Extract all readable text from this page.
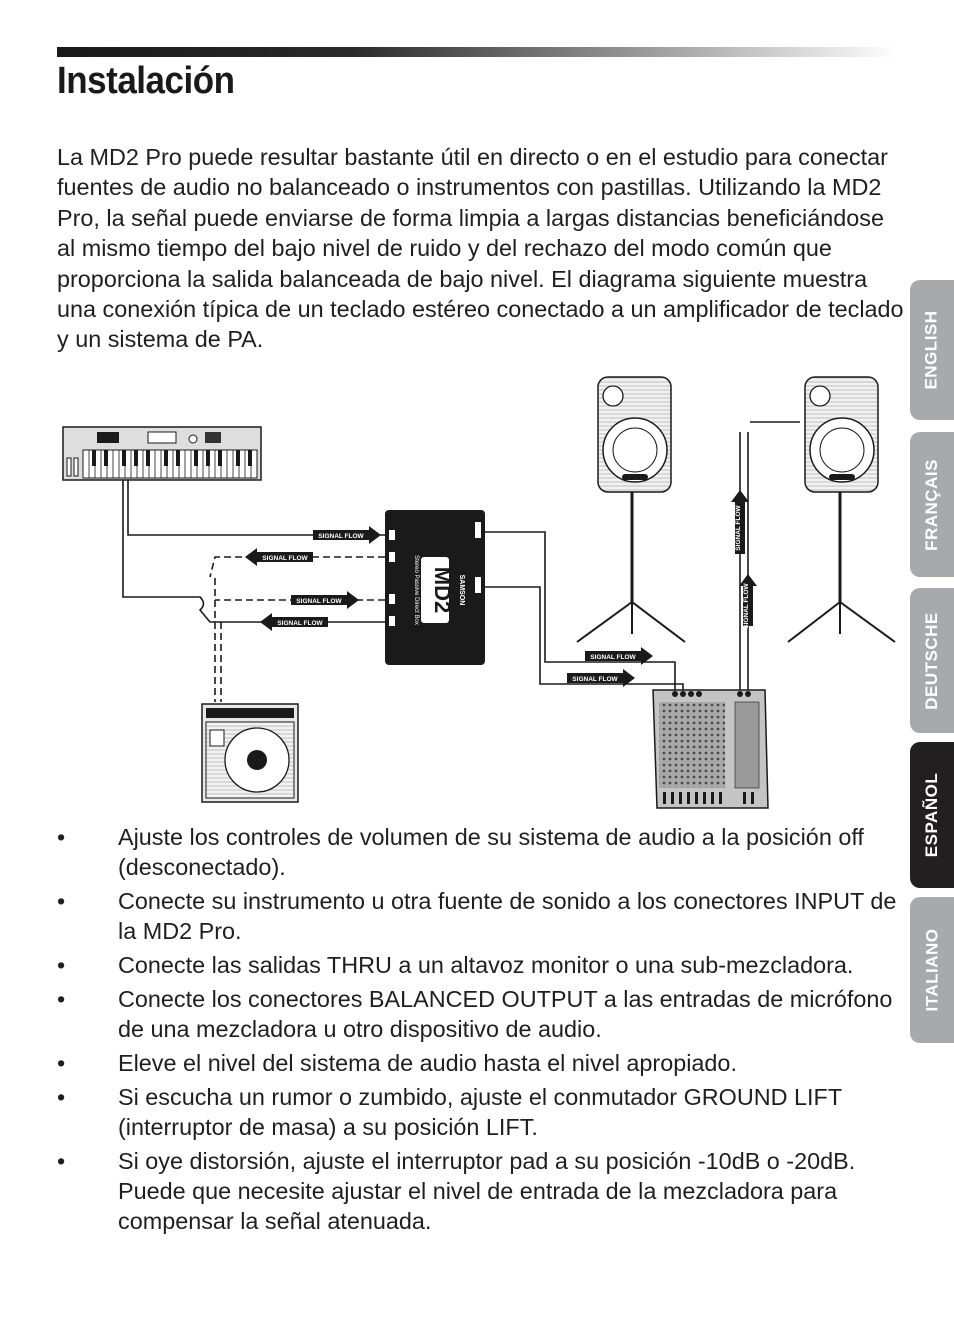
Instalación

La MD2 Pro puede resultar bastante útil en directo o en el estudio para conectar fuentes de audio no balanceado o instrumentos con pastillas. Utilizando la MD2 Pro, la señal puede enviarse de forma limpia a largas distancias beneficiándose al mismo tiempo del bajo nivel de ruido y del rechazo del modo común que proporciona la salida balanceada de bajo nivel. El diagrama siguiente muestra una conexión típica de un teclado estéreo conectado a un amplificador de teclado y un sistema de PA.	ENGLISH
FRANÇAIS
DEUTSCHE
ESPAÑOL
ITALIANO
MD2
Stereo Passive Direct Box	SAMSON
SIGNAL FLOW
SIGNAL FLOW
SIGNAL FLOW
SIGNAL FLOW
SIGNAL FLOW
SIGNAL FLOW
SIGNAL FLOW
SIGNAL FLOW
• Ajuste los controles de volumen de su sistema de audio a la posición off (desconectado).
• Conecte su instrumento u otra fuente de sonido a los conectores INPUT de la MD2 Pro.
• Conecte las salidas THRU a un altavoz monitor o una sub-mezcladora.
• Conecte los conectores BALANCED OUTPUT a las entradas de micrófono de una mezcladora u otro dispositivo de audio.
• Eleve el nivel del sistema de audio hasta el nivel apropiado.
• Si escucha un rumor o zumbido, ajuste el conmutador GROUND LIFT (interruptor de masa) a su posición LIFT.
• Si oye distorsión, ajuste el interruptor pad a su posición -10dB o -20dB. Puede que necesite ajustar el nivel de entrada de la mezcladora para compensar la señal atenuada.
